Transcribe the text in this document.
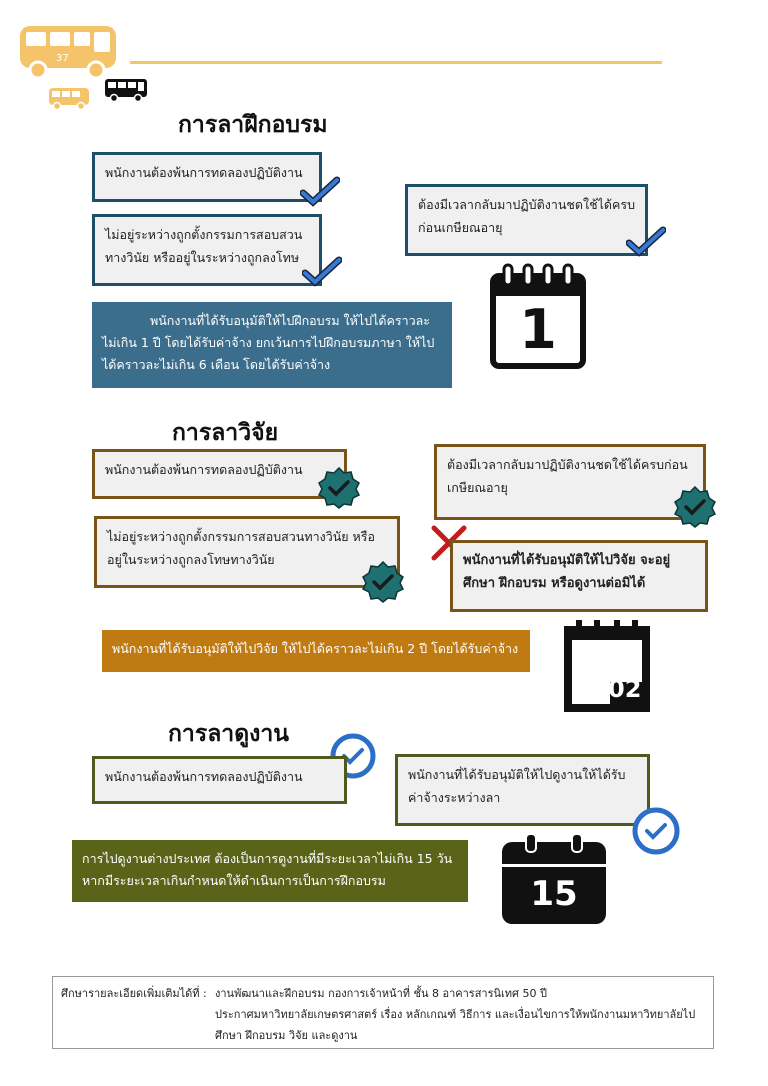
37
การลาฝึกอบรม
พนักงานต้องพ้นการทดลองปฏิบัติงาน
ไม่อยู่ระหว่างถูกตั้งกรรมการสอบสวน
ทางวินัย หรืออยู่ในระหว่างถูกลงโทษ
ต้องมีเวลากลับมาปฏิบัติงานชดใช้ได้ครบ
ก่อนเกษียณอายุ
พนักงานที่ได้รับอนุมัติให้ไปฝึกอบรม ให้ไปได้คราวละ
ไม่เกิน 1 ปี โดยได้รับค่าจ้าง ยกเว้นการไปฝึกอบรมภาษา ให้ไป
ได้คราวละไม่เกิน 6 เดือน โดยได้รับค่าจ้าง
1
การลาวิจัย
พนักงานต้องพ้นการทดลองปฏิบัติงาน
ไม่อยู่ระหว่างถูกตั้งกรรมการสอบสวนทางวินัย หรือ
อยู่ในระหว่างถูกลงโทษทางวินัย
ต้องมีเวลากลับมาปฏิบัติงานชดใช้ได้ครบก่อน
เกษียณอายุ
พนักงานที่ได้รับอนุมัติให้ไปวิจัย จะอยู่
ศึกษา ฝึกอบรม หรือดูงานต่อมิได้
พนักงานที่ได้รับอนุมัติให้ไปวิจัย ให้ไปได้คราวละไม่เกิน 2 ปี โดยได้รับค่าจ้าง
02
การลาดูงาน
พนักงานต้องพ้นการทดลองปฏิบัติงาน	พนักงานที่ได้รับอนุมัติให้ไปดูงานให้ได้รับ
ค่าจ้างระหว่างลา
การไปดูงานต่างประเทศ ต้องเป็นการดูงานที่มีระยะเวลาไม่เกิน 15 วัน
หากมีระยะเวลาเกินกำหนดให้ดำเนินการเป็นการฝึกอบรม	15
ศึกษารายละเอียดเพิ่มเติมได้ที่ : งานพัฒนาและฝึกอบรม กองการเจ้าหน้าที่ ชั้น 8 อาคารสารนิเทศ 50 ปี
ประกาศมหาวิทยาลัยเกษตรศาสตร์ เรื่อง หลักเกณฑ์ วิธีการ และเงื่อนไขการให้พนักงานมหาวิทยาลัยไป
ศึกษา ฝึกอบรม วิจัย และดูงาน
